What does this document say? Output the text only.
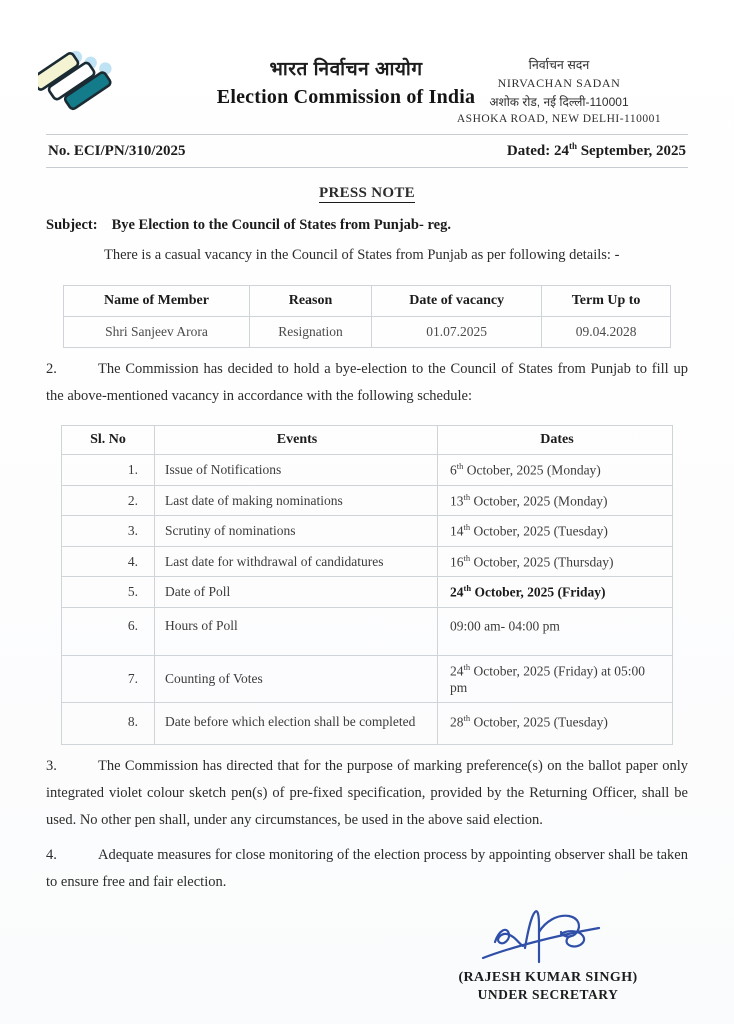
भारत निर्वाचन आयोग
Election Commission of India
निर्वाचन सदन
NIRVACHAN SADAN
अशोक रोड, नई दिल्ली-110001
ASHOKA ROAD, NEW DELHI-110001
No. ECI/PN/310/2025	Dated: 24th September, 2025
PRESS NOTE
Subject: Bye Election to the Council of States from Punjab- reg.

There is a casual vacancy in the Council of States from Punjab as per following details: -

Name of Member	Reason	Date of vacancy	Term Up to
Shri Sanjeev Arora	Resignation	01.07.2025	09.04.2028

2.	The Commission has decided to hold a bye-election to the Council of States from Punjab to fill up the above-mentioned vacancy in accordance with the following schedule:

Sl. No	Events	Dates
1.	Issue of Notifications	6th October, 2025 (Monday)
2.	Last date of making nominations	13th October, 2025 (Monday)
3.	Scrutiny of nominations	14th October, 2025 (Tuesday)
4.	Last date for withdrawal of candidatures	16th October, 2025 (Thursday)
5.	Date of Poll	24th October, 2025 (Friday)
6.	Hours of Poll	09:00 am- 04:00 pm
7.	Counting of Votes	24th October, 2025 (Friday) at 05:00 pm
8.	Date before which election shall be completed	28th October, 2025 (Tuesday)

3.	The Commission has directed that for the purpose of marking preference(s) on the ballot paper only integrated violet colour sketch pen(s) of pre-fixed specification, provided by the Returning Officer, shall be used. No other pen shall, under any circumstances, be used in the above said election.

4.	Adequate measures for close monitoring of the election process by appointing observer shall be taken to ensure free and fair election.

(RAJESH KUMAR SINGH)
UNDER SECRETARY
